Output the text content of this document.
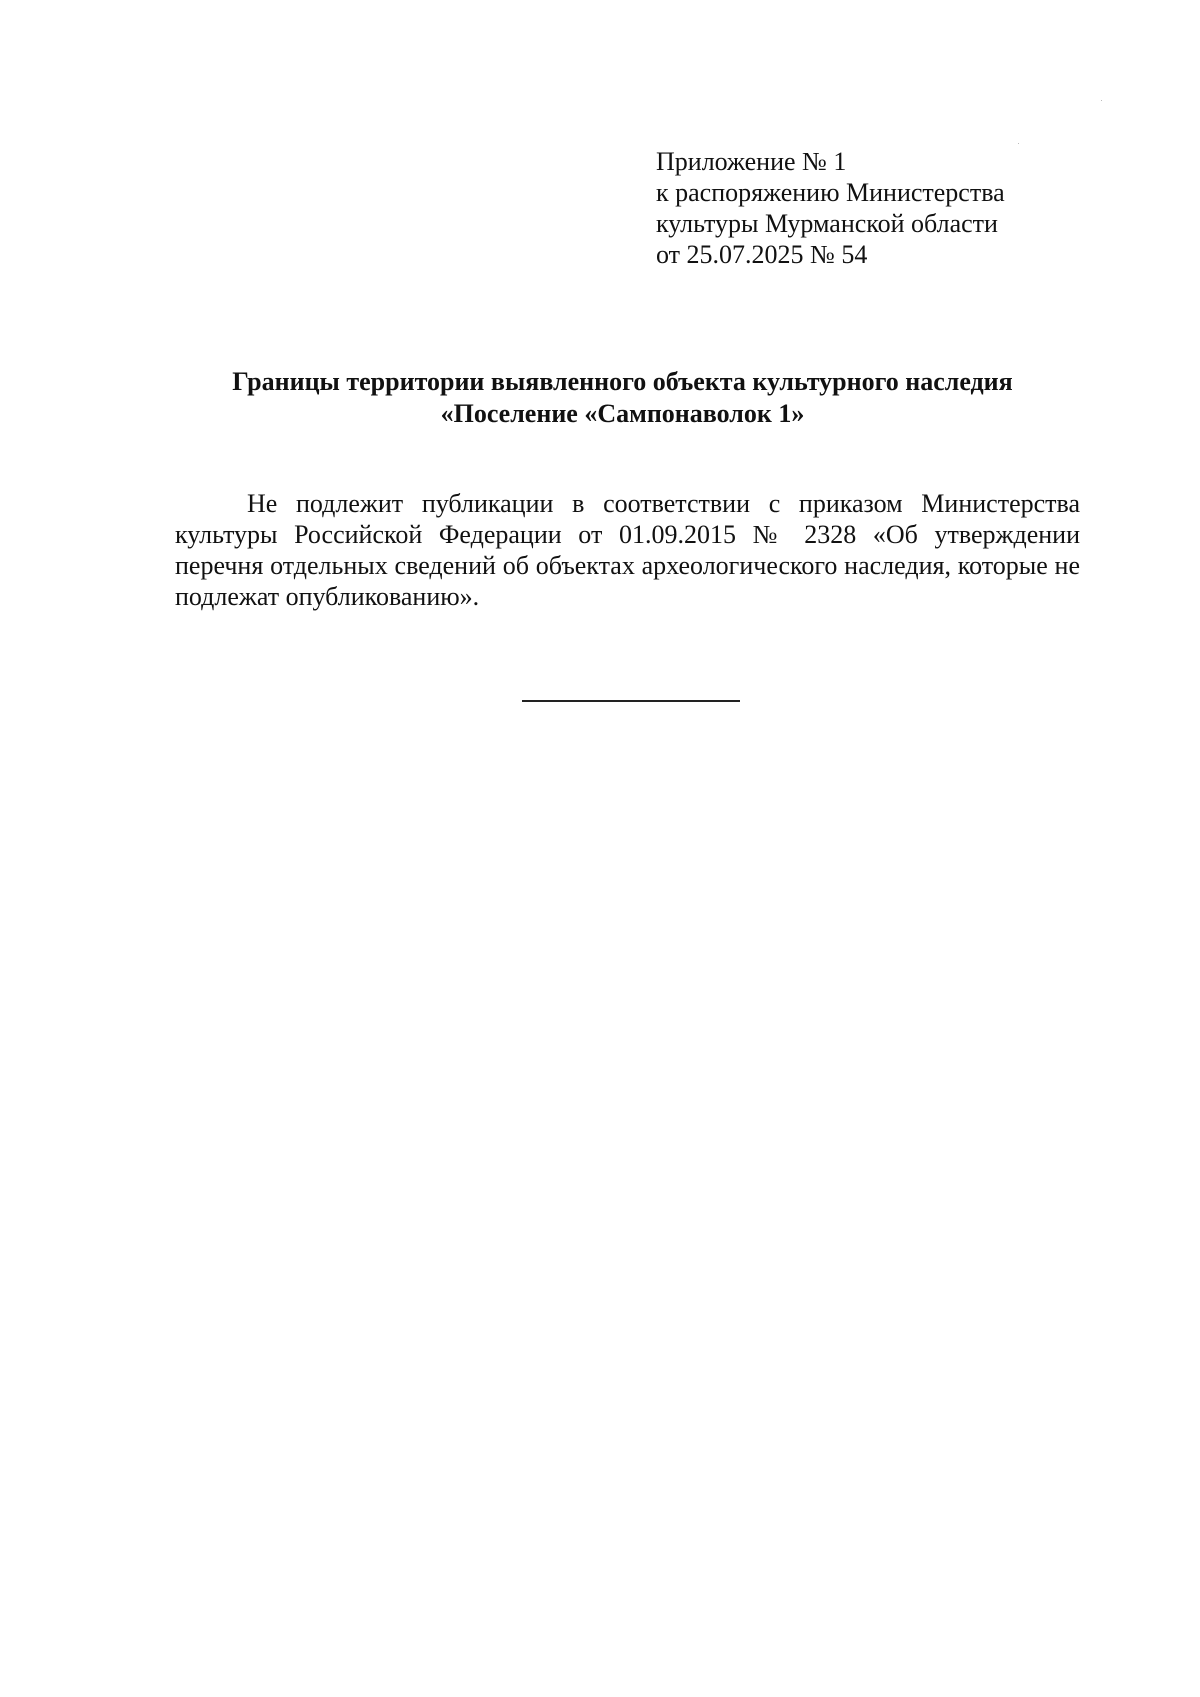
Приложение № 1
к распоряжению Министерства
культуры Мурманской области
от 25.07.2025 № 54
Границы территории выявленного объекта культурного наследия
«Поселение «Сампонаволок 1»

Не подлежит публикации в соответствии с приказом Министерства культуры Российской Федерации от 01.09.2015 № 2328 «Об утверждении перечня отдельных сведений об объектах археологического наследия, которые не подлежат опубликованию».
